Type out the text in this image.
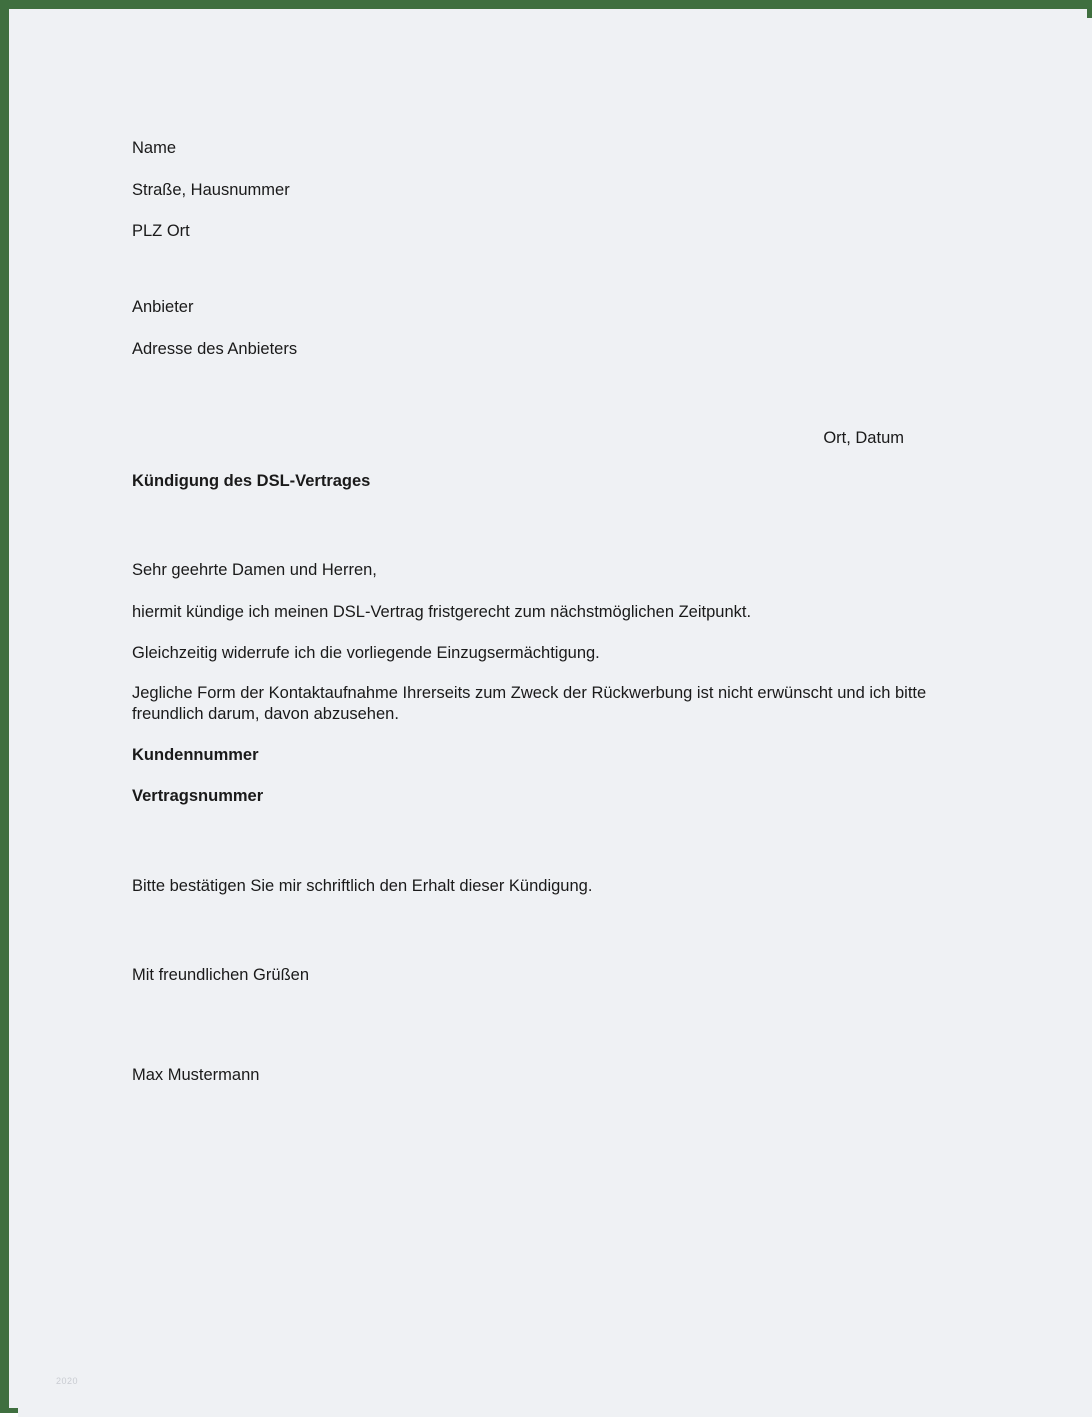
Name
Straße, Hausnummer
PLZ Ort
Anbieter
Adresse des Anbieters
Ort, Datum
Kündigung des DSL-Vertrages
Sehr geehrte Damen und Herren,
hiermit kündige ich meinen DSL-Vertrag fristgerecht zum nächstmöglichen Zeitpunkt.
Gleichzeitig widerrufe ich die vorliegende Einzugsermächtigung.
Jegliche Form der Kontaktaufnahme Ihrerseits zum Zweck der Rückwerbung ist nicht erwünscht und ich bitte freundlich darum, davon abzusehen.
Kundennummer
Vertragsnummer
Bitte bestätigen Sie mir schriftlich den Erhalt dieser Kündigung.
Mit freundlichen Grüßen
Max Mustermann
2020
